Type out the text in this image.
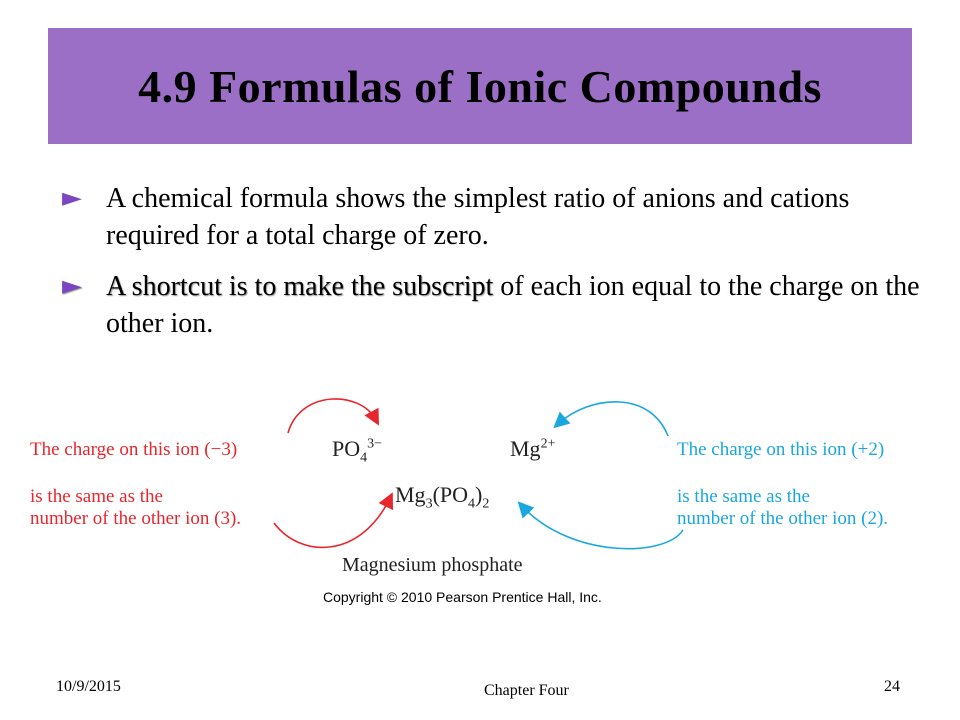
4.9 Formulas of Ionic Compounds
► A chemical formula shows the simplest ratio of anions and cations required for a total charge of zero.
► A shortcut is to make the subscript of each ion equal to the charge on the other ion.
The charge on this ion (−3)
is the same as the
number of the other ion (3).
The charge on this ion (+2)
is the same as the
number of the other ion (2).
$PO_4^{3-}$	$Mg^{2+}$
$Mg_3(PO_4)_2$
Magnesium phosphate
Copyright © 2010 Pearson Prentice Hall, Inc.
10/9/2015	Chapter Four	24
